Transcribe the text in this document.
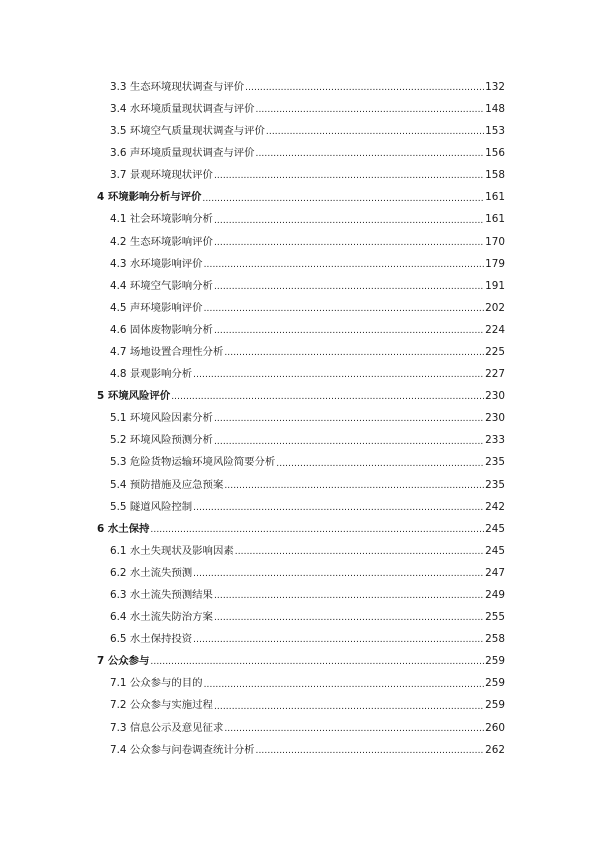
3.3 生态环境现状调查与评价 .....	132
3.4 水环境质量现状调查与评价 .....	148
3.5 环境空气质量现状调查与评价 .....	153
3.6 声环境质量现状调查与评价 .....	156
3.7 景观环境现状评价 .....	158
4 环境影响分析与评价 .....	161
4.1 社会环境影响分析 .....	161
4.2 生态环境影响评价 .....	170
4.3 水环境影响评价 .....	179
4.4 环境空气影响分析 .....	191
4.5 声环境影响评价 .....	202
4.6 固体废物影响分析 .....	224
4.7 场地设置合理性分析 .....	225
4.8 景观影响分析 .....	227
5 环境风险评价 .....	230
5.1 环境风险因素分析 .....	230
5.2 环境风险预测分析 .....	233
5.3 危险货物运输环境风险简要分析 .....	235
5.4 预防措施及应急预案 .....	235
5.5 隧道风险控制 .....	242
6 水土保持 .....	245
6.1 水土失现状及影响因素 .....	245
6.2 水土流失预测 .....	247
6.3 水土流失预测结果 .....	249
6.4 水土流失防治方案 .....	255
6.5 水土保持投资 .....	258
7 公众参与 .....	259
7.1 公众参与的目的 .....	259
7.2 公众参与实施过程 .....	259
7.3 信息公示及意见征求 .....	260
7.4 公众参与问卷调查统计分析 .....	262
